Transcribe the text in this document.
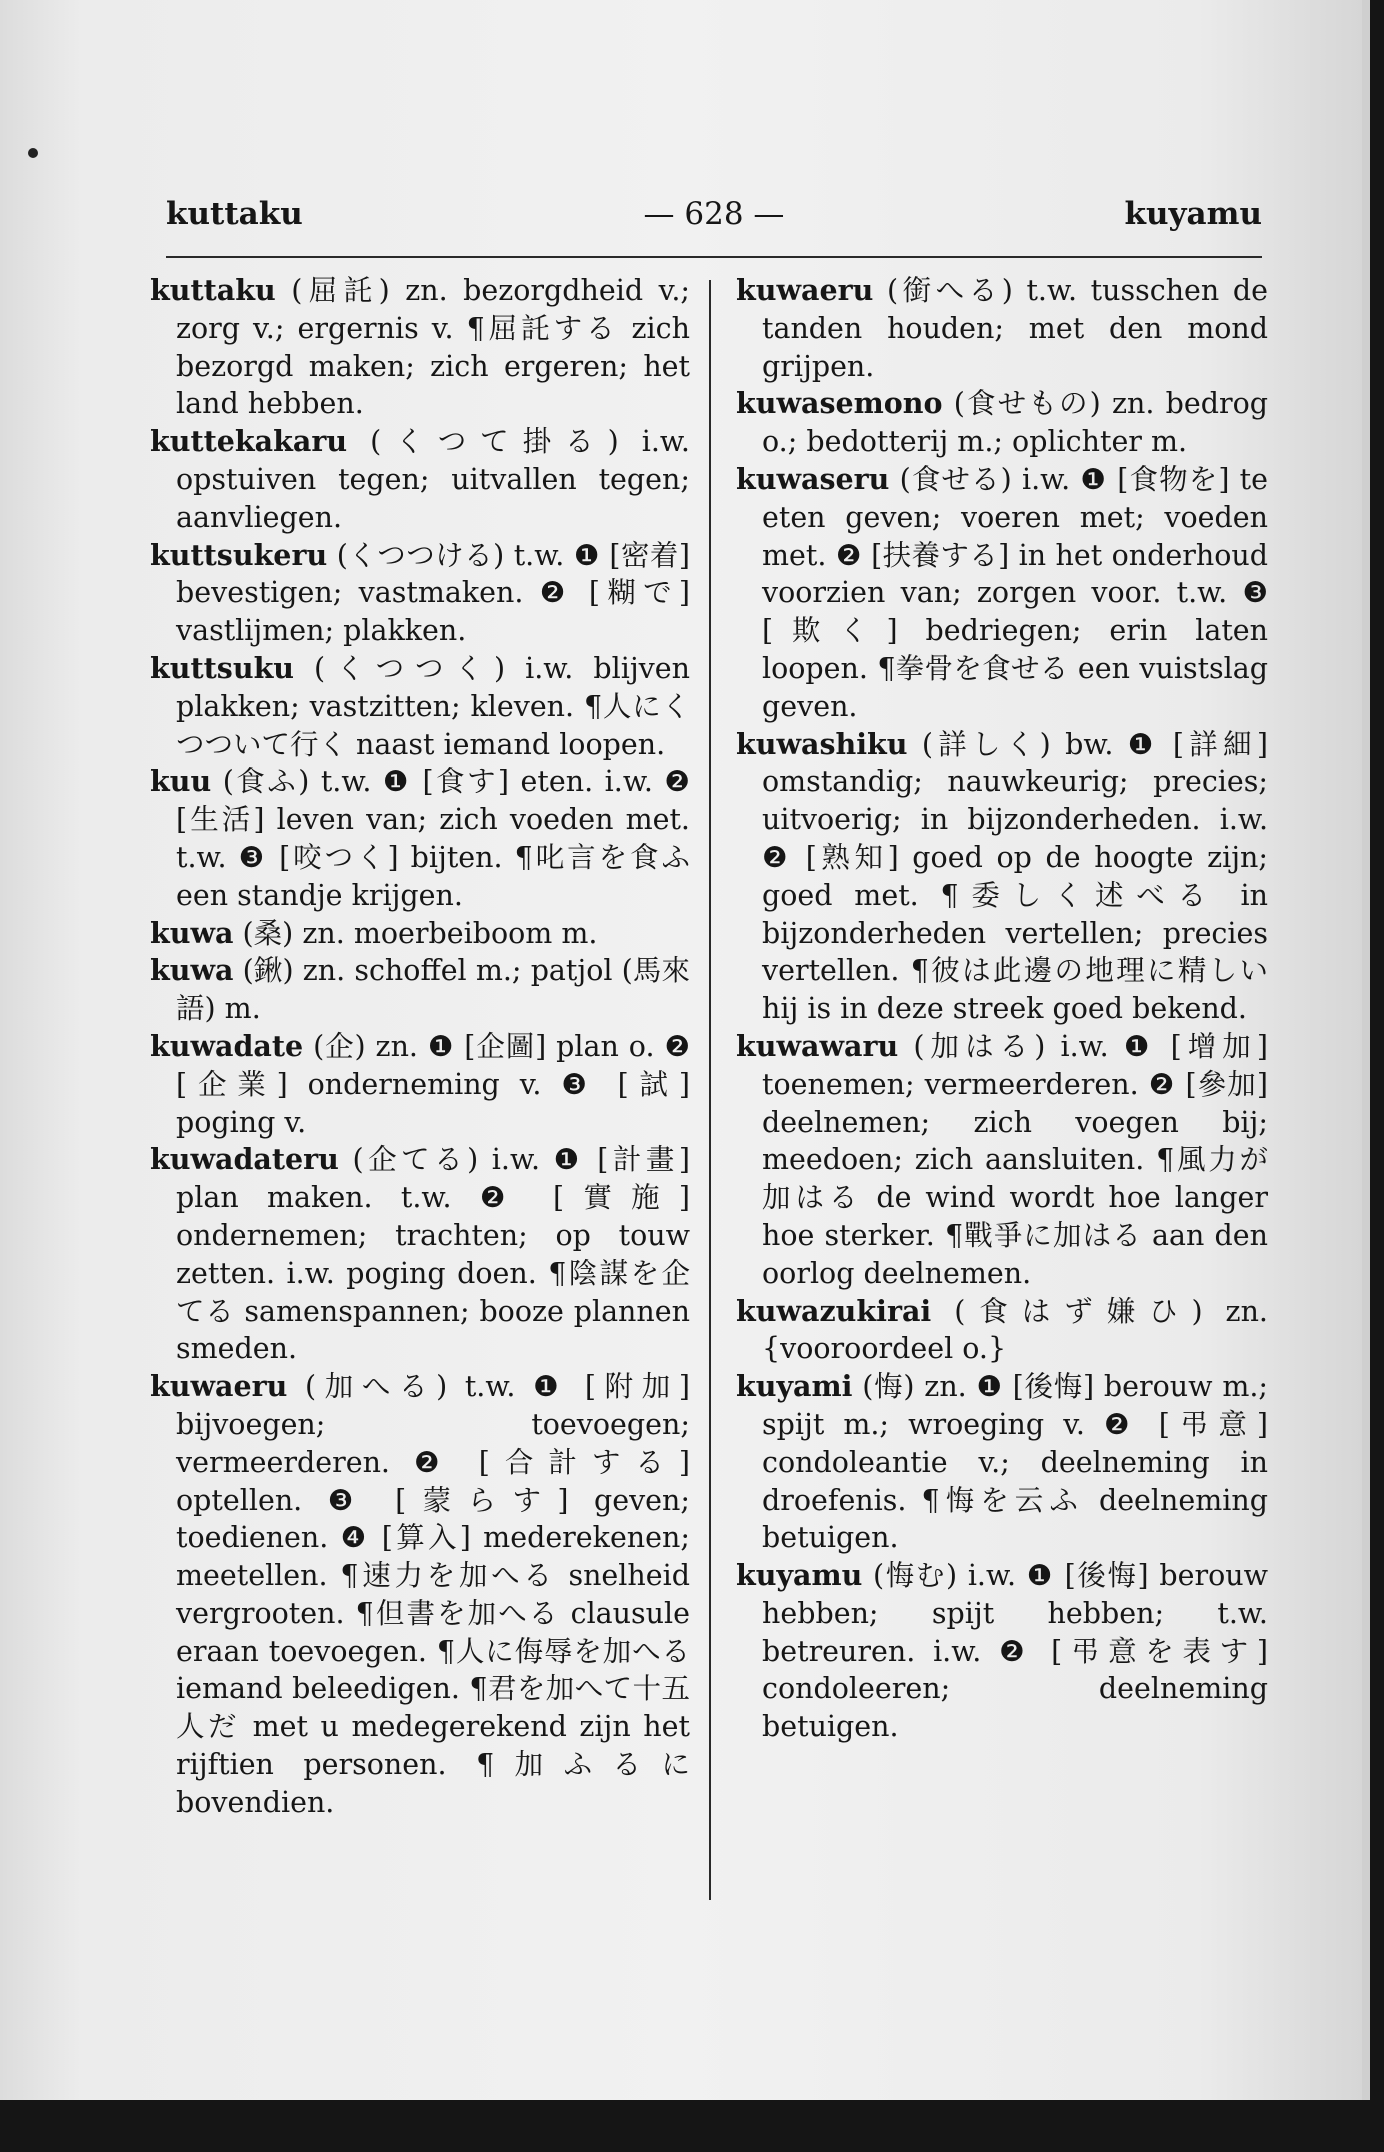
kuttaku	— 628 —	kuyamu

kuttaku (屈託) zn. bezorgdheid v.; zorg v.; ergernis v. ¶屈託する zich bezorgd maken; zich ergeren; het land hebben.

kuttekakaru (くつて掛る) i.w. opstuiven tegen; uitvallen tegen; aanvliegen.

kuttsukeru (くつつける) t.w. ❶ [密着] bevestigen; vastmaken. ❷ [糊で] vastlijmen; plakken.

kuttsuku (くつつく) i.w. blijven plakken; vastzitten; kleven. ¶人にくつついて行く naast iemand loopen.

kuu (食ふ) t.w. ❶ [食す] eten. i.w. ❷ [生活] leven van; zich voeden met. t.w. ❸ [咬つく] bijten. ¶叱言を食ふ een standje krijgen.

kuwa (桑) zn. moerbeiboom m.

kuwa (鍬) zn. schoffel m.; patjol (馬來語) m.

kuwadate (企) zn. ❶ [企圖] plan o. ❷ [企業] onderneming v. ❸ [試] poging v.

kuwadateru (企てる) i.w. ❶ [計畫] plan maken. t.w. ❷ [實施] ondernemen; trachten; op touw zetten. i.w. poging doen. ¶陰謀を企てる samenspannen; booze plannen smeden.

kuwaeru (加へる) t.w. ❶ [附加] bijvoegen; toevoegen; vermeerderen. ❷ [合計する] optellen. ❸ [蒙らす] geven; toedienen. ❹ [算入] mederekenen; meetellen. ¶速力を加へる snelheid vergrooten. ¶但書を加へる clausule eraan toevoegen. ¶人に侮辱を加へる iemand beleedigen. ¶君を加へて十五人だ met u medegerekend zijn het rijftien personen. ¶加ふるに bovendien.

kuwaeru (銜へる) t.w. tusschen de tanden houden; met den mond grijpen.

kuwasemono (食せもの) zn. bedrog o.; bedotterij m.; oplichter m.

kuwaseru (食せる) i.w. ❶ [食物を] te eten geven; voeren met; voeden met. ❷ [扶養する] in het onderhoud voorzien van; zorgen voor. t.w. ❸ [欺く] bedriegen; erin laten loopen. ¶拳骨を食せる een vuistslag geven.

kuwashiku (詳しく) bw. ❶ [詳細] omstandig; nauwkeurig; precies; uitvoerig; in bijzonderheden. i.w. ❷ [熟知] goed op de hoogte zijn; goed met. ¶委しく述べる in bijzonderheden vertellen; precies vertellen. ¶彼は此邊の地理に精しい hij is in deze streek goed bekend.

kuwawaru (加はる) i.w. ❶ [增加] toenemen; vermeerderen. ❷ [參加] deelnemen; zich voegen bij; meedoen; zich aansluiten. ¶風力が加はる de wind wordt hoe langer hoe sterker. ¶戰爭に加はる aan den oorlog deelnemen.

kuwazukirai (食はず嫌ひ) zn. {vooroordeel o.}

kuyami (悔) zn. ❶ [後悔] berouw m.; spijt m.; wroeging v. ❷ [弔意] condoleantie v.; deelneming in droefenis. ¶悔を云ふ deelneming betuigen.

kuyamu (悔む) i.w. ❶ [後悔] berouw hebben; spijt hebben; t.w. betreuren. i.w. ❷ [弔意を表す] condoleeren; deelneming betuigen.
